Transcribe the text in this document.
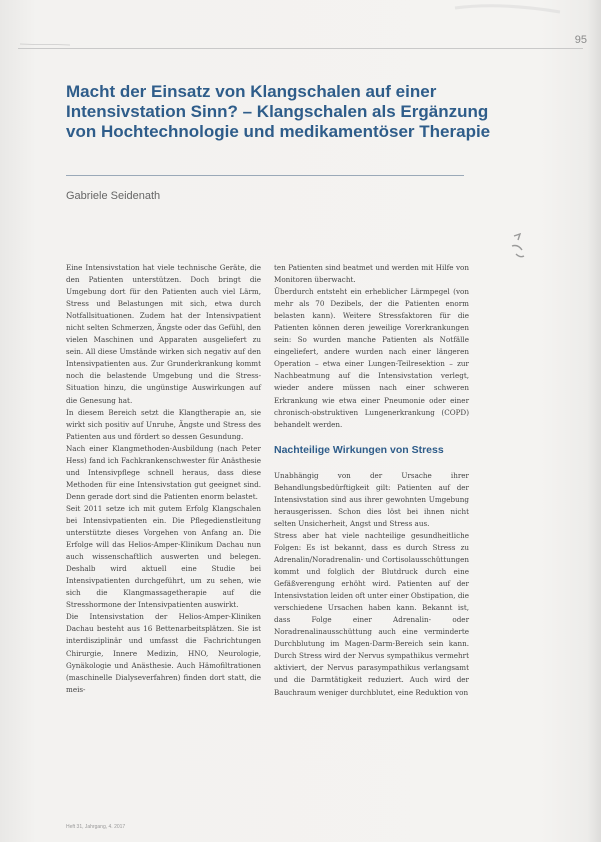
95
Macht der Einsatz von Klangschalen auf einer Intensivstation Sinn? – Klangschalen als Ergänzung von Hochtechnologie und medikamentöser Therapie
Gabriele Seidenath

Eine Intensivstation hat viele technische Geräte, die den Patienten unterstützen. Doch bringt die Umgebung dort für den Patienten auch viel Lärm, Stress und Belastungen mit sich, etwa durch Notfallsituationen. Zudem hat der Intensivpatient nicht selten Schmerzen, Ängste oder das Gefühl, den vielen Maschinen und Apparaten ausgeliefert zu sein. All diese Umstände wirken sich negativ auf den Intensivpatienten aus. Zur Grunderkrankung kommt noch die belastende Umgebung und die Stress-Situation hinzu, die ungünstige Auswirkungen auf die Genesung hat.

In diesem Bereich setzt die Klangtherapie an, sie wirkt sich positiv auf Unruhe, Ängste und Stress des Patienten aus und fördert so dessen Gesundung.

Nach einer Klangmethoden-Ausbildung (nach Peter Hess) fand ich Fachkrankenschwester für Anästhesie und Intensivpflege schnell heraus, dass diese Methoden für eine Intensivstation gut geeignet sind. Denn gerade dort sind die Patienten enorm belastet.

Seit 2011 setze ich mit gutem Erfolg Klangschalen bei Intensivpatienten ein. Die Pflegedienstleitung unterstützte dieses Vorgehen von Anfang an. Die Erfolge will das Helios-Amper-Klinikum Dachau nun auch wissenschaftlich auswerten und belegen. Deshalb wird aktuell eine Studie bei Intensivpatienten durchgeführt, um zu sehen, wie sich die Klangmassagetherapie auf die Stresshormone der Intensivpatienten auswirkt.

Die Intensivstation der Helios-Amper-Kliniken Dachau besteht aus 16 Bettenarbeitsplätzen. Sie ist interdisziplinär und umfasst die Fachrichtungen Chirurgie, Innere Medizin, HNO, Neurologie, Gynäkologie und Anästhesie. Auch Hämofiltrationen (maschinelle Dialyseverfahren) finden dort statt, die meis-

ten Patienten sind beatmet und werden mit Hilfe von Monitoren überwacht.

Überdurch entsteht ein erheblicher Lärmpegel (von mehr als 70 Dezibels, der die Patienten enorm belasten kann). Weitere Stressfaktoren für die Patienten können deren jeweilige Vorerkrankungen sein: So wurden manche Patienten als Notfälle eingeliefert, andere wurden nach einer längeren Operation – etwa einer Lungen-Teilresektion – zur Nachbeatmung auf die Intensivstation verlegt, wieder andere müssen nach einer schweren Erkrankung wie etwa einer Pneumonie oder einer chronisch-obstruktiven Lungenerkrankung (COPD) behandelt werden.

Nachteilige Wirkungen von Stress

Unabhängig von der Ursache ihrer Behandlungsbedürftigkeit gilt: Patienten auf der Intensivstation sind aus ihrer gewohnten Umgebung herausgerissen. Schon dies löst bei ihnen nicht selten Unsicherheit, Angst und Stress aus.

Stress aber hat viele nachteilige gesundheitliche Folgen: Es ist bekannt, dass es durch Stress zu Adrenalin/Noradrenalin- und Cortisolausschüttungen kommt und folglich der Blutdruck durch eine Gefäßverengung erhöht wird. Patienten auf der Intensivstation leiden oft unter einer Obstipation, die verschiedene Ursachen haben kann. Bekannt ist, dass Folge einer Adrenalin- oder Noradrenalinausschüttung auch eine verminderte Durchblutung im Magen-Darm-Bereich sein kann. Durch Stress wird der Nervus sympathikus vermehrt aktiviert, der Nervus parasympathikus verlangsamt und die Darmtätigkeit reduziert. Auch wird der Bauchraum weniger durchblutet, eine Reduktion von

Heft 31, Jahrgang, 4. 2017
